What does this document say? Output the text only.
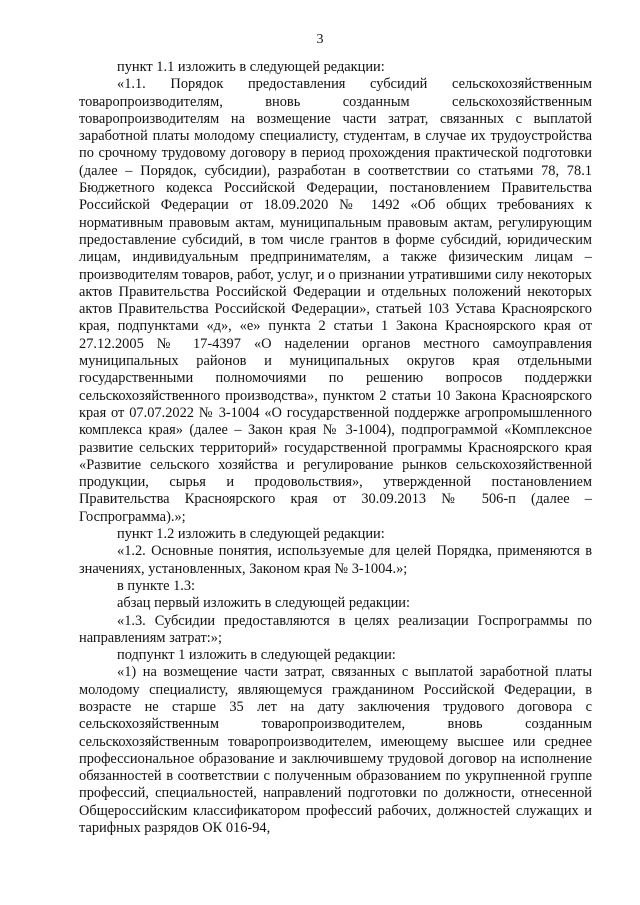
3

пункт 1.1 изложить в следующей редакции:

«1.1. Порядок предоставления субсидий сельскохозяйственным товаропроизводителям, вновь созданным сельскохозяйственным товаропроизводителям на возмещение части затрат, связанных с выплатой заработной платы молодому специалисту, студентам, в случае их трудоустройства по срочному трудовому договору в период прохождения практической подготовки (далее – Порядок, субсидии), разработан в соответствии со статьями 78, 78.1 Бюджетного кодекса Российской Федерации, постановлением Правительства Российской Федерации от 18.09.2020 № 1492 «Об общих требованиях к нормативным правовым актам, муниципальным правовым актам, регулирующим предоставление субсидий, в том числе грантов в форме субсидий, юридическим лицам, индивидуальным предпринимателям, а также физическим лицам – производителям товаров, работ, услуг, и о признании утратившими силу некоторых актов Правительства Российской Федерации и отдельных положений некоторых актов Правительства Российской Федерации», статьей 103 Устава Красноярского края, подпунктами «д», «е» пункта 2 статьи 1 Закона Красноярского края от 27.12.2005 № 17-4397 «О наделении органов местного самоуправления муниципальных районов и муниципальных округов края отдельными государственными полномочиями по решению вопросов поддержки сельскохозяйственного производства», пунктом 2 статьи 10 Закона Красноярского края от 07.07.2022 № 3-1004 «О государственной поддержке агропромышленного комплекса края» (далее – Закон края № 3-1004), подпрограммой «Комплексное развитие сельских территорий» государственной программы Красноярского края «Развитие сельского хозяйства и регулирование рынков сельскохозяйственной продукции, сырья и продовольствия», утвержденной постановлением Правительства Красноярского края от 30.09.2013 № 506-п (далее – Госпрограмма).»;

пункт 1.2 изложить в следующей редакции:

«1.2. Основные понятия, используемые для целей Порядка, применяются в значениях, установленных, Законом края № 3-1004.»;

в пункте 1.3:

абзац первый изложить в следующей редакции:

«1.3. Субсидии предоставляются в целях реализации Госпрограммы по направлениям затрат:»;

подпункт 1 изложить в следующей редакции:

«1) на возмещение части затрат, связанных с выплатой заработной платы молодому специалисту, являющемуся гражданином Российской Федерации, в возрасте не старше 35 лет на дату заключения трудового договора с сельскохозяйственным товаропроизводителем, вновь созданным сельскохозяйственным товаропроизводителем, имеющему высшее или среднее профессиональное образование и заключившему трудовой договор на исполнение обязанностей в соответствии с полученным образованием по укрупненной группе профессий, специальностей, направлений подготовки по должности, отнесенной Общероссийским классификатором профессий рабочих, должностей служащих и тарифных разрядов ОК 016-94,
